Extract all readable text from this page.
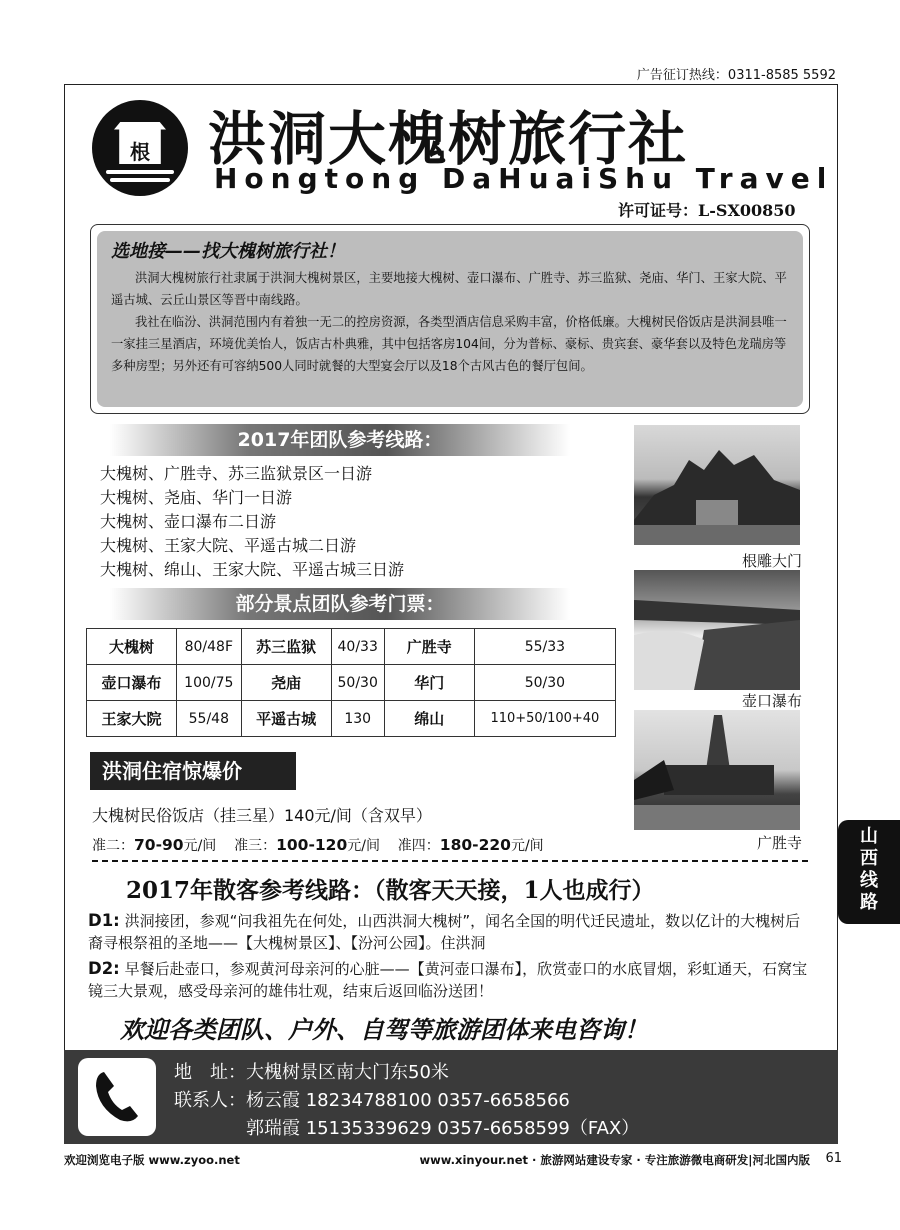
广告征订热线：0311-8585 5592
根	洪洞大槐树旅行社
Hongtong DaHuaiShu Travel
许可证号：L-SX00850
选地接——找大槐树旅行社！
洪洞大槐树旅行社隶属于洪洞大槐树景区，主要地接大槐树、壶口瀑布、广胜寺、苏三监狱、尧庙、华门、王家大院、平遥古城、云丘山景区等晋中南线路。
我社在临汾、洪洞范围内有着独一无二的控房资源，各类型酒店信息采购丰富，价格低廉。大槐树民俗饭店是洪洞县唯一一家挂三星酒店，环境优美怡人，饭店古朴典雅，其中包括客房104间，分为普标、豪标、贵宾套、豪华套以及特色龙瑞房等多种房型；另外还有可容纳500人同时就餐的大型宴会厅以及18个古风古色的餐厅包间。
2017年团队参考线路：
大槐树、广胜寺、苏三监狱景区一日游
大槐树、尧庙、华门一日游
大槐树、壶口瀑布二日游
大槐树、王家大院、平遥古城二日游
大槐树、绵山、王家大院、平遥古城三日游
部分景点团队参考门票：
大槐树	80/48F	苏三监狱	40/33	广胜寺	55/33
壶口瀑布	100/75	尧庙	50/30	华门	50/30
王家大院	55/48	平遥古城	130	绵山	110+50/100+40
根雕大门
壶口瀑布
广胜寺
洪洞住宿惊爆价
大槐树民俗饭店（挂三星）140元/间（含双早）
准二：70-90元/间 准三：100-120元/间 准四：180-220元/间
2017年散客参考线路：（散客天天接，1人也成行）
D1: 洪洞接团，参观“问我祖先在何处，山西洪洞大槐树”，闻名全国的明代迁民遗址，数以亿计的大槐树后裔寻根祭祖的圣地——【大槐树景区】、【汾河公园】。住洪洞
D2: 早餐后赴壶口，参观黄河母亲河的心脏——【黄河壶口瀑布】，欣赏壶口的水底冒烟，彩虹通天，石窝宝镜三大景观，感受母亲河的雄伟壮观，结束后返回临汾送团！
欢迎各类团队、户外、自驾等旅游团体来电咨询！
地　址：大槐树景区南大门东50米
联系人：杨云霞 18234788100 0357-6658566
郭瑞霞 15135339629 0357-6658599（FAX）
山
西
线
路
欢迎浏览电子版 www.zyoo.net	www.xinyour.net · 旅游网站建设专家 · 专注旅游微电商研发|河北国内版 61
